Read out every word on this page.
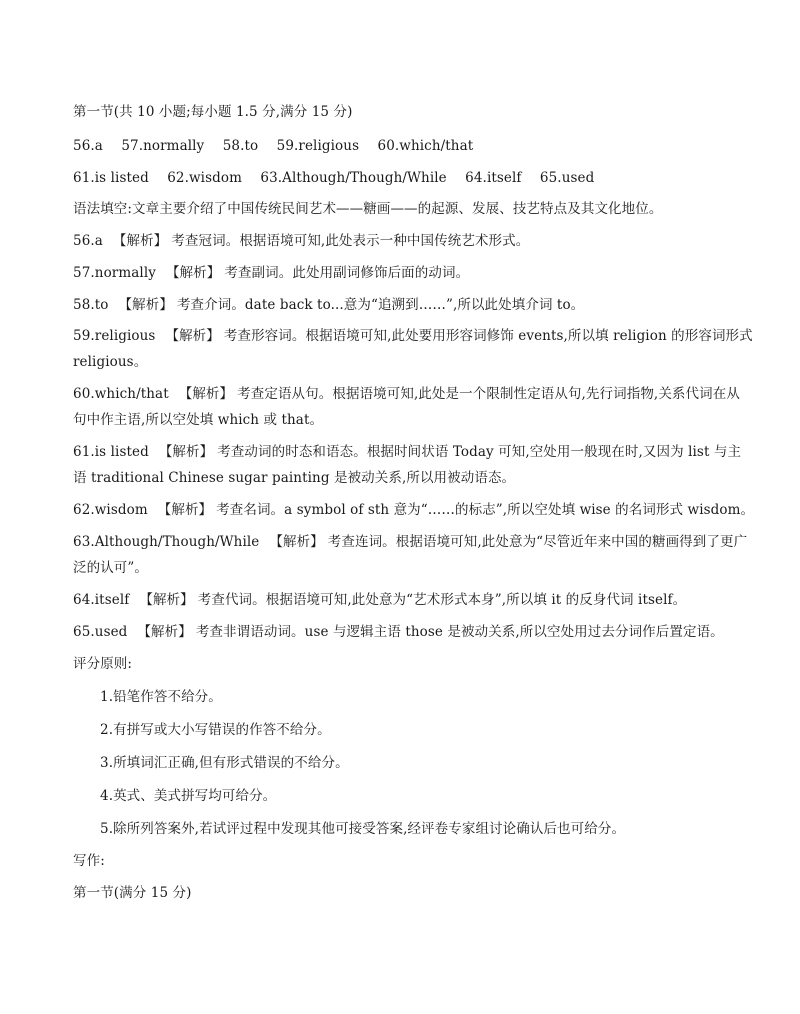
第一节(共 10 小题;每小题 1.5 分,满分 15 分)
56.a 57.normally 58.to 59.religious 60.which/that
61.is listed 62.wisdom 63.Although/Though/While 64.itself 65.used
语法填空:文章主要介绍了中国传统民间艺术——糖画——的起源、发展、技艺特点及其文化地位。
56.a 【解析】 考查冠词。根据语境可知,此处表示一种中国传统艺术形式。
57.normally 【解析】 考查副词。此处用副词修饰后面的动词。
58.to 【解析】 考查介词。date back to...意为“追溯到……”,所以此处填介词 to。
59.religious 【解析】 考查形容词。根据语境可知,此处要用形容词修饰 events,所以填 religion 的形容词形式
religious。
60.which/that 【解析】 考查定语从句。根据语境可知,此处是一个限制性定语从句,先行词指物,关系代词在从
句中作主语,所以空处填 which 或 that。
61.is listed 【解析】 考查动词的时态和语态。根据时间状语 Today 可知,空处用一般现在时,又因为 list 与主
语 traditional Chinese sugar painting 是被动关系,所以用被动语态。
62.wisdom 【解析】 考查名词。a symbol of sth 意为“……的标志”,所以空处填 wise 的名词形式 wisdom。
63.Although/Though/While 【解析】 考查连词。根据语境可知,此处意为“尽管近年来中国的糖画得到了更广
泛的认可”。
64.itself 【解析】 考查代词。根据语境可知,此处意为“艺术形式本身”,所以填 it 的反身代词 itself。
65.used 【解析】 考查非谓语动词。use 与逻辑主语 those 是被动关系,所以空处用过去分词作后置定语。
评分原则:
1.铅笔作答不给分。
2.有拼写或大小写错误的作答不给分。
3.所填词汇正确,但有形式错误的不给分。
4.英式、美式拼写均可给分。
5.除所列答案外,若试评过程中发现其他可接受答案,经评卷专家组讨论确认后也可给分。
写作:
第一节(满分 15 分)
